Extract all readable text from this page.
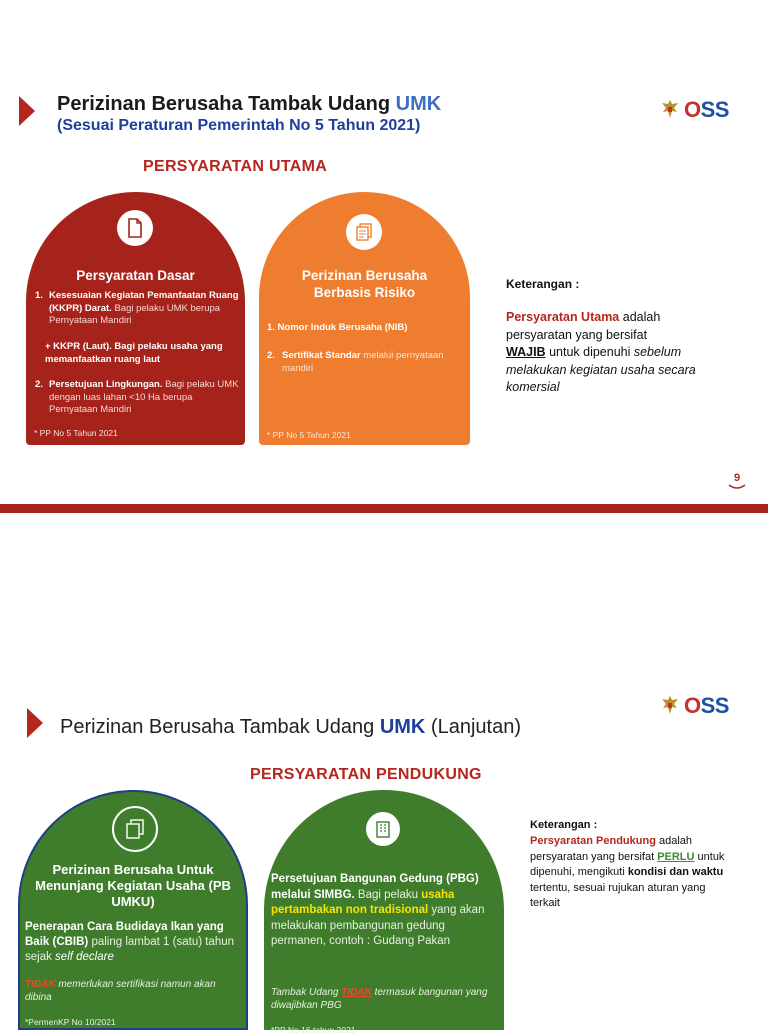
Perizinan Berusaha Tambak Udang UMK
(Sesuai Peraturan Pemerintah No 5 Tahun 2021)
OSS
PERSYARATAN UTAMA
Persyaratan Dasar
1. Kesesuaian Kegiatan Pemanfaatan Ruang (KKPR) Darat. Bagi pelaku UMK berupa Pernyataan Mandiri
+ KKPR (Laut). Bagi pelaku usaha yang memanfaatkan ruang laut
2. Persetujuan Lingkungan. Bagi pelaku UMK dengan luas lahan <10 Ha berupa Pernyataan Mandiri
* PP No 5 Tahun 2021
Perizinan Berusaha
Berbasis Risiko
1. Nomor Induk Berusaha (NIB)
2. Sertifikat Standar melalui pernyataan mandiri
* PP No 5 Tahun 2021
Keterangan :
Persyaratan Utama adalah
persyaratan yang bersifat
WAJIB untuk dipenuhi sebelum melakukan kegiatan usaha secara komersial
9
OSS
Perizinan Berusaha Tambak Udang UMK (Lanjutan)
PERSYARATAN PENDUKUNG
Perizinan Berusaha Untuk Menunjang Kegiatan Usaha (PB UMKU)
Penerapan Cara Budidaya Ikan yang Baik (CBIB) paling lambat 1 (satu) tahun sejak self declare
TIDAK memerlukan sertifikasi namun akan dibina
*PermenKP No 10/2021
Persetujuan Bangunan Gedung (PBG) melalui SIMBG. Bagi pelaku usaha pertambakan non tradisional yang akan melakukan pembangunan gedung permanen, contoh : Gudang Pakan
Tambak Udang TIDAK termasuk bangunan yang diwajibkan PBG
*PP No 16 tahun 2021
Keterangan :
Persyaratan Pendukung adalah persyaratan yang bersifat PERLU untuk dipenuhi, mengikuti kondisi dan waktu tertentu, sesuai rujukan aturan yang terkait
